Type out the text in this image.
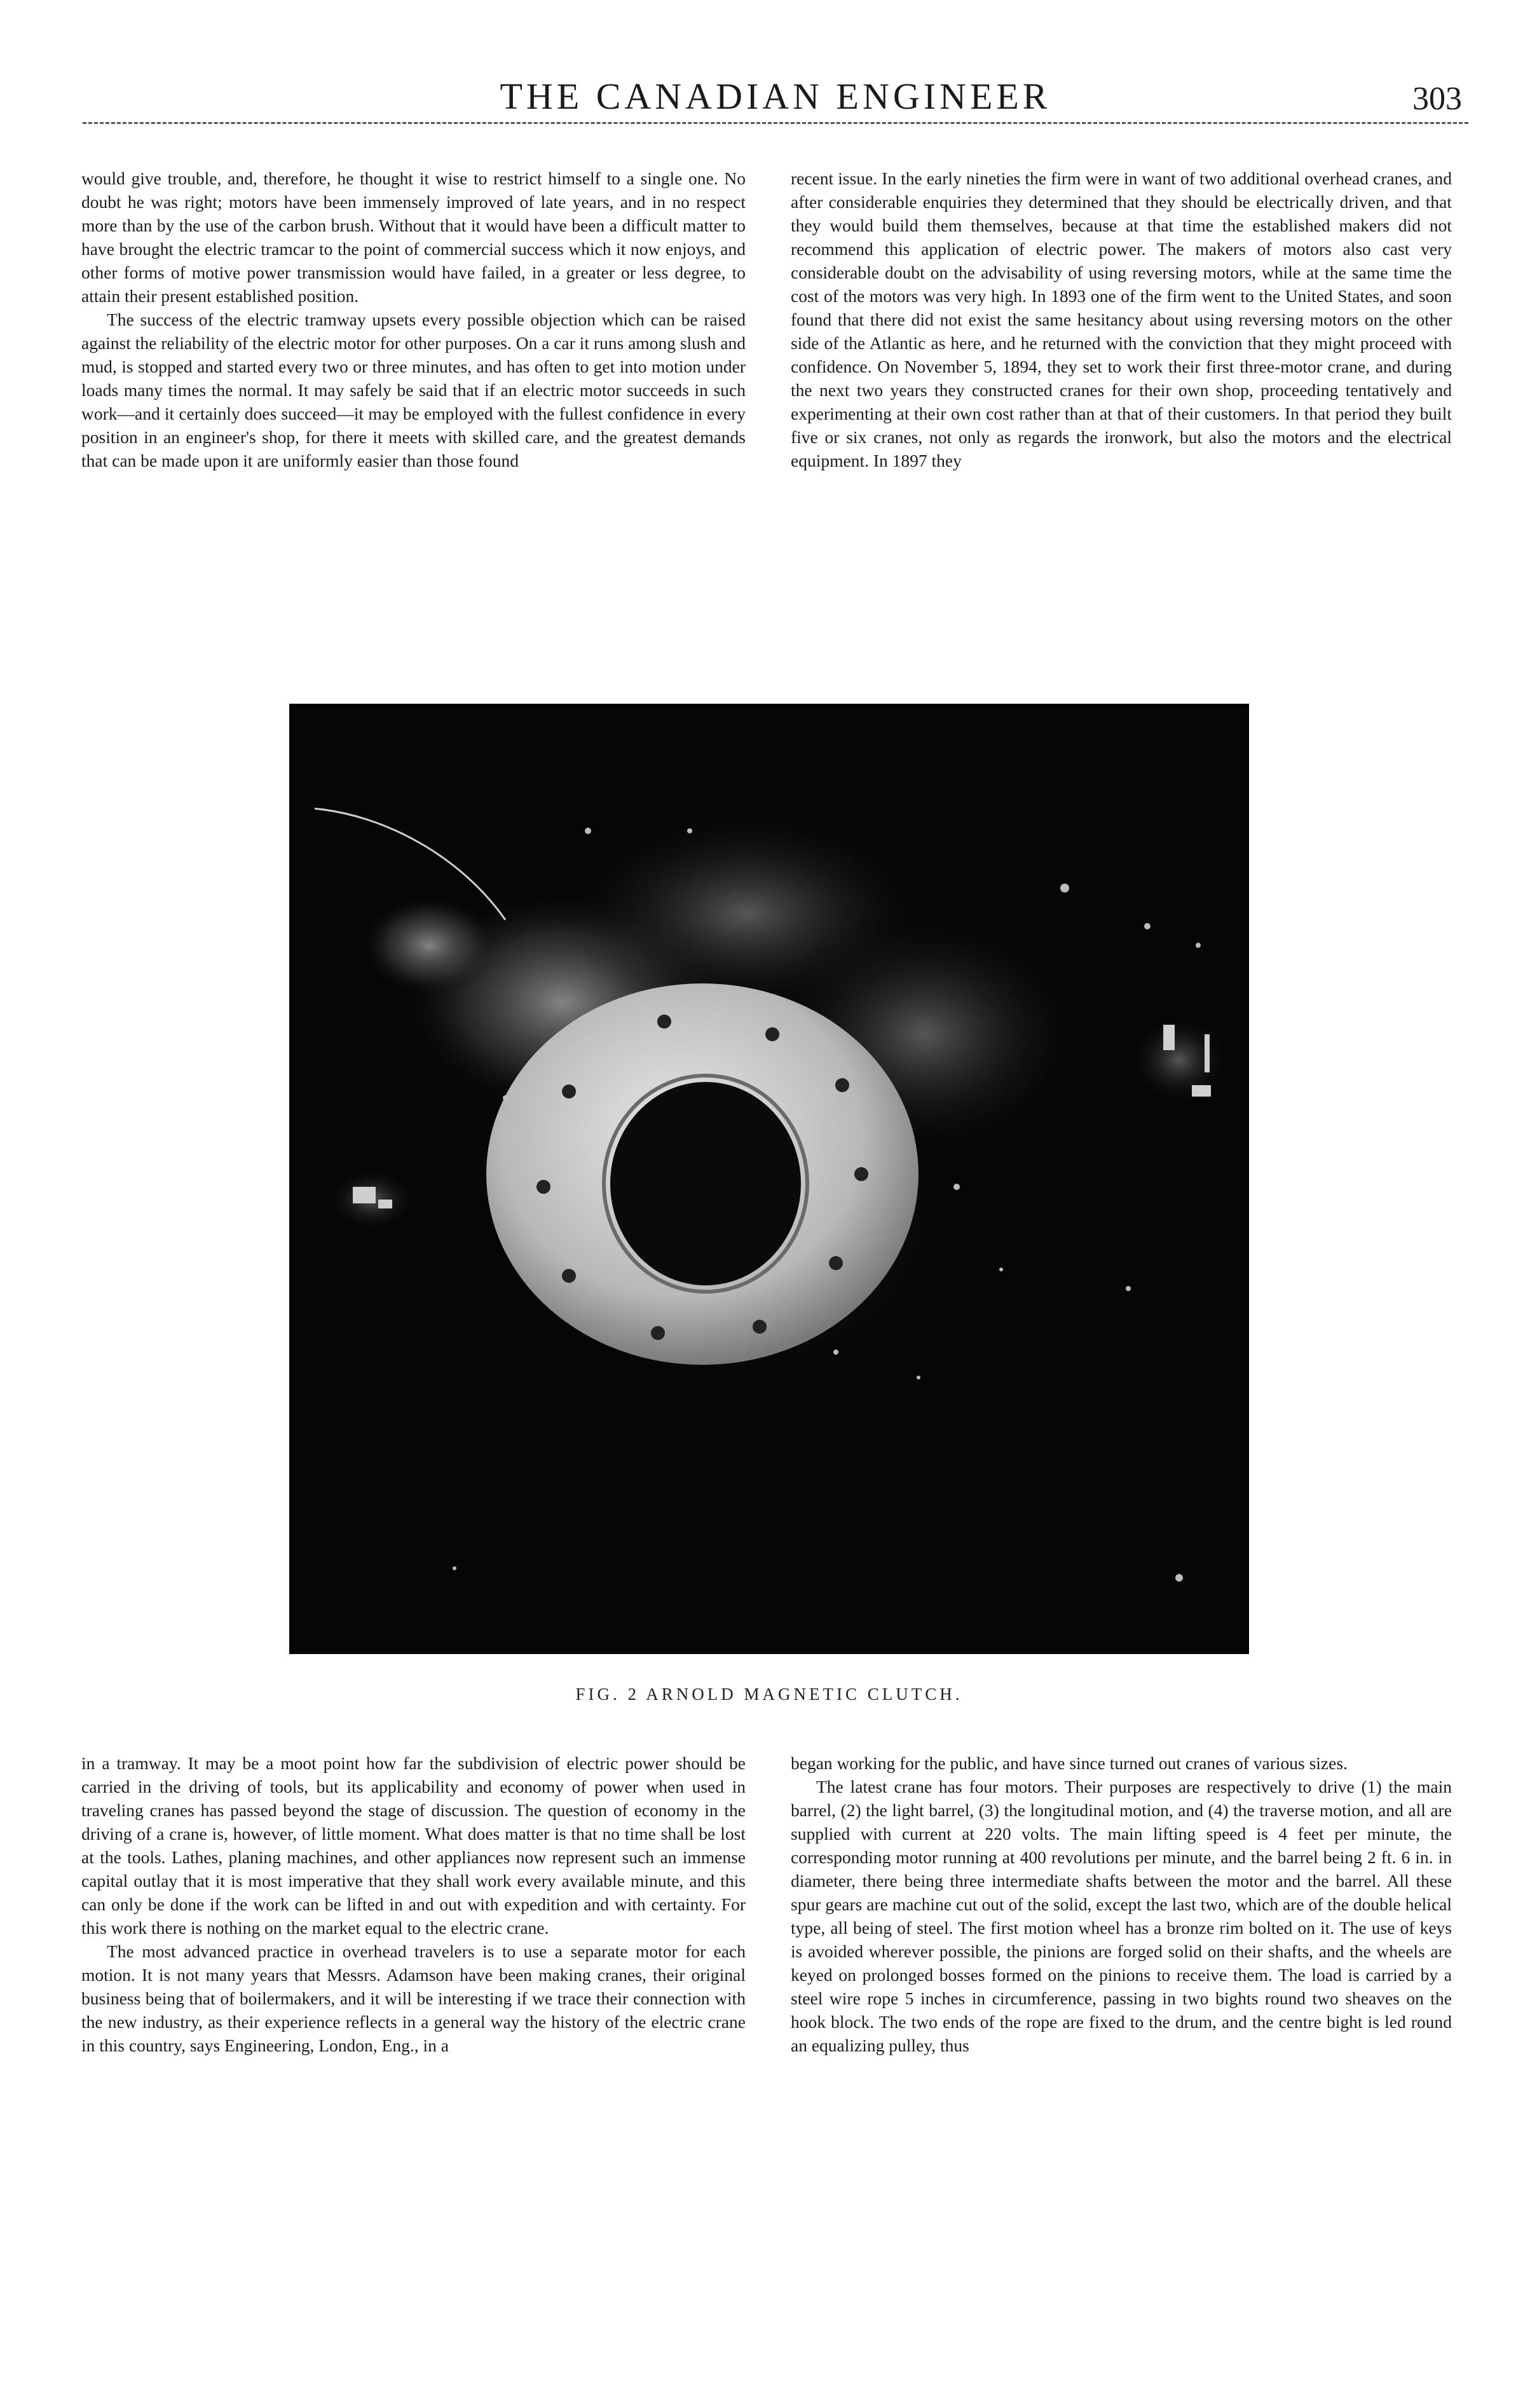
THE CANADIAN ENGINEER	303

would give trouble, and, therefore, he thought it wise to restrict himself to a single one. No doubt he was right; motors have been immensely improved of late years, and in no respect more than by the use of the carbon brush. Without that it would have been a difficult matter to have brought the electric tramcar to the point of commercial success which it now enjoys, and other forms of motive power transmission would have failed, in a greater or less degree, to attain their present established position.

The success of the electric tramway upsets every possible objection which can be raised against the reliability of the electric motor for other purposes. On a car it runs among slush and mud, is stopped and started every two or three minutes, and has often to get into motion under loads many times the normal. It may safely be said that if an electric motor succeeds in such work—and it certainly does succeed—it may be employed with the fullest confidence in every position in an engineer's shop, for there it meets with skilled care, and the greatest demands that can be made upon it are uniformly easier than those found

recent issue. In the early nineties the firm were in want of two additional overhead cranes, and after considerable enquiries they determined that they should be electrically driven, and that they would build them themselves, because at that time the established makers did not recommend this application of electric power. The makers of motors also cast very considerable doubt on the advisability of using reversing motors, while at the same time the cost of the motors was very high. In 1893 one of the firm went to the United States, and soon found that there did not exist the same hesitancy about using reversing motors on the other side of the Atlantic as here, and he returned with the conviction that they might proceed with confidence. On November 5, 1894, they set to work their first three-motor crane, and during the next two years they constructed cranes for their own shop, proceeding tentatively and experimenting at their own cost rather than at that of their customers. In that period they built five or six cranes, not only as regards the ironwork, but also the motors and the electrical equipment. In 1897 they

FIG. 2 ARNOLD MAGNETIC CLUTCH.

in a tramway. It may be a moot point how far the subdivision of electric power should be carried in the driving of tools, but its applicability and economy of power when used in traveling cranes has passed beyond the stage of discussion. The question of economy in the driving of a crane is, however, of little moment. What does matter is that no time shall be lost at the tools. Lathes, planing machines, and other appliances now represent such an immense capital outlay that it is most imperative that they shall work every available minute, and this can only be done if the work can be lifted in and out with expedition and with certainty. For this work there is nothing on the market equal to the electric crane.

The most advanced practice in overhead travelers is to use a separate motor for each motion. It is not many years that Messrs. Adamson have been making cranes, their original business being that of boilermakers, and it will be interesting if we trace their connection with the new industry, as their experience reflects in a general way the history of the electric crane in this country, says Engineering, London, Eng., in a

began working for the public, and have since turned out cranes of various sizes.

The latest crane has four motors. Their purposes are respectively to drive (1) the main barrel, (2) the light barrel, (3) the longitudinal motion, and (4) the traverse motion, and all are supplied with current at 220 volts. The main lifting speed is 4 feet per minute, the corresponding motor running at 400 revolutions per minute, and the barrel being 2 ft. 6 in. in diameter, there being three intermediate shafts between the motor and the barrel. All these spur gears are machine cut out of the solid, except the last two, which are of the double helical type, all being of steel. The first motion wheel has a bronze rim bolted on it. The use of keys is avoided wherever possible, the pinions are forged solid on their shafts, and the wheels are keyed on prolonged bosses formed on the pinions to receive them. The load is carried by a steel wire rope 5 inches in circumference, passing in two bights round two sheaves on the hook block. The two ends of the rope are fixed to the drum, and the centre bight is led round an equalizing pulley, thus
